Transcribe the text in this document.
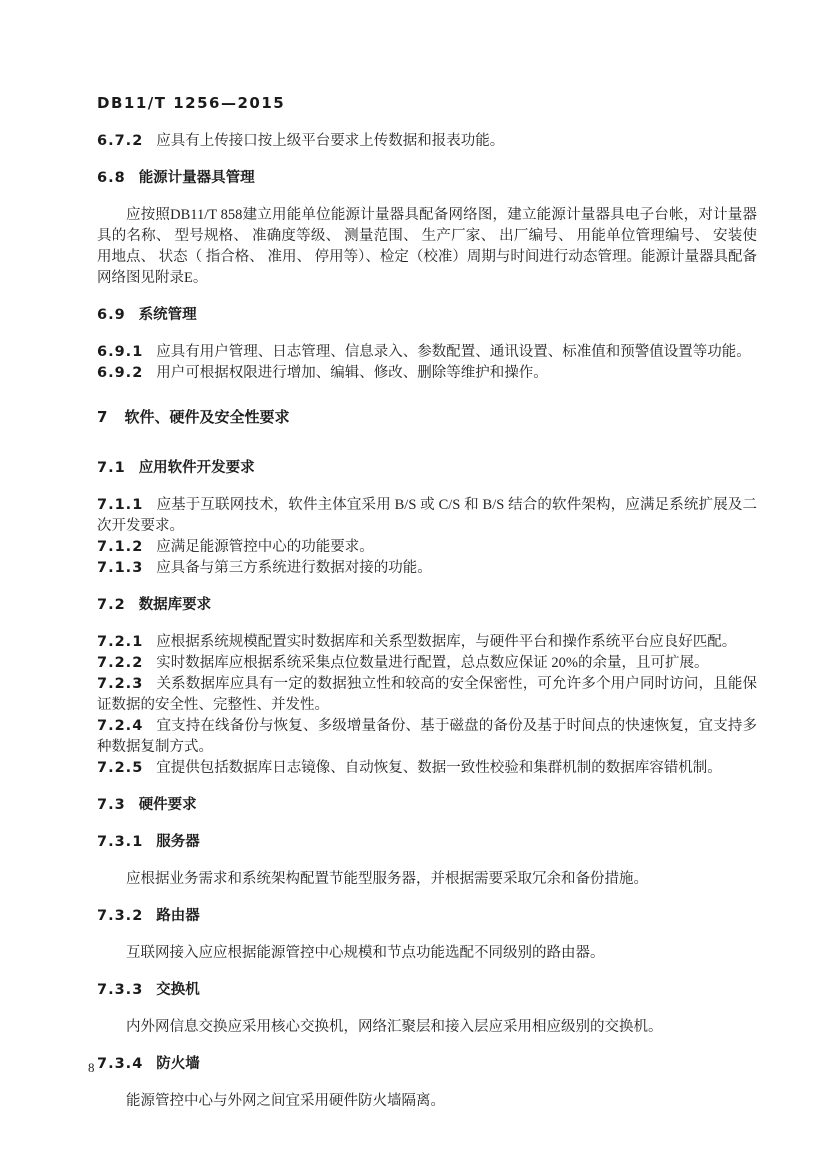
DB11/T 1256—2015
6.7.2 应具有上传接口按上级平台要求上传数据和报表功能。
6.8 能源计量器具管理
应按照DB11/T 858建立用能单位能源计量器具配备网络图，建立能源计量器具电子台帐，对计量器具的名称、 型号规格、 准确度等级、 测量范围、 生产厂家、 出厂编号、 用能单位管理编号、 安装使用地点、 状态（ 指合格、 准用、 停用等）、检定（校准）周期与时间进行动态管理。能源计量器具配备网络图见附录E。
6.9 系统管理
6.9.1 应具有用户管理、日志管理、信息录入、参数配置、通讯设置、标准值和预警值设置等功能。
6.9.2 用户可根据权限进行增加、编辑、修改、删除等维护和操作。
7 软件、硬件及安全性要求
7.1 应用软件开发要求
7.1.1 应基于互联网技术，软件主体宜采用 B/S 或 C/S 和 B/S 结合的软件架构，应满足系统扩展及二次开发要求。
7.1.2 应满足能源管控中心的功能要求。
7.1.3 应具备与第三方系统进行数据对接的功能。
7.2 数据库要求
7.2.1 应根据系统规模配置实时数据库和关系型数据库，与硬件平台和操作系统平台应良好匹配。
7.2.2 实时数据库应根据系统采集点位数量进行配置，总点数应保证 20%的余量，且可扩展。
7.2.3 关系数据库应具有一定的数据独立性和较高的安全保密性，可允许多个用户同时访问，且能保证数据的安全性、完整性、并发性。
7.2.4 宜支持在线备份与恢复、多级增量备份、基于磁盘的备份及基于时间点的快速恢复，宜支持多种数据复制方式。
7.2.5 宜提供包括数据库日志镜像、自动恢复、数据一致性校验和集群机制的数据库容错机制。
7.3 硬件要求
7.3.1 服务器
应根据业务需求和系统架构配置节能型服务器，并根据需要采取冗余和备份措施。
7.3.2 路由器
互联网接入应应根据能源管控中心规模和节点功能选配不同级别的路由器。
7.3.3 交换机
内外网信息交换应采用核心交换机，网络汇聚层和接入层应采用相应级别的交换机。
7.3.4 防火墙
能源管控中心与外网之间宜采用硬件防火墙隔离。
8
